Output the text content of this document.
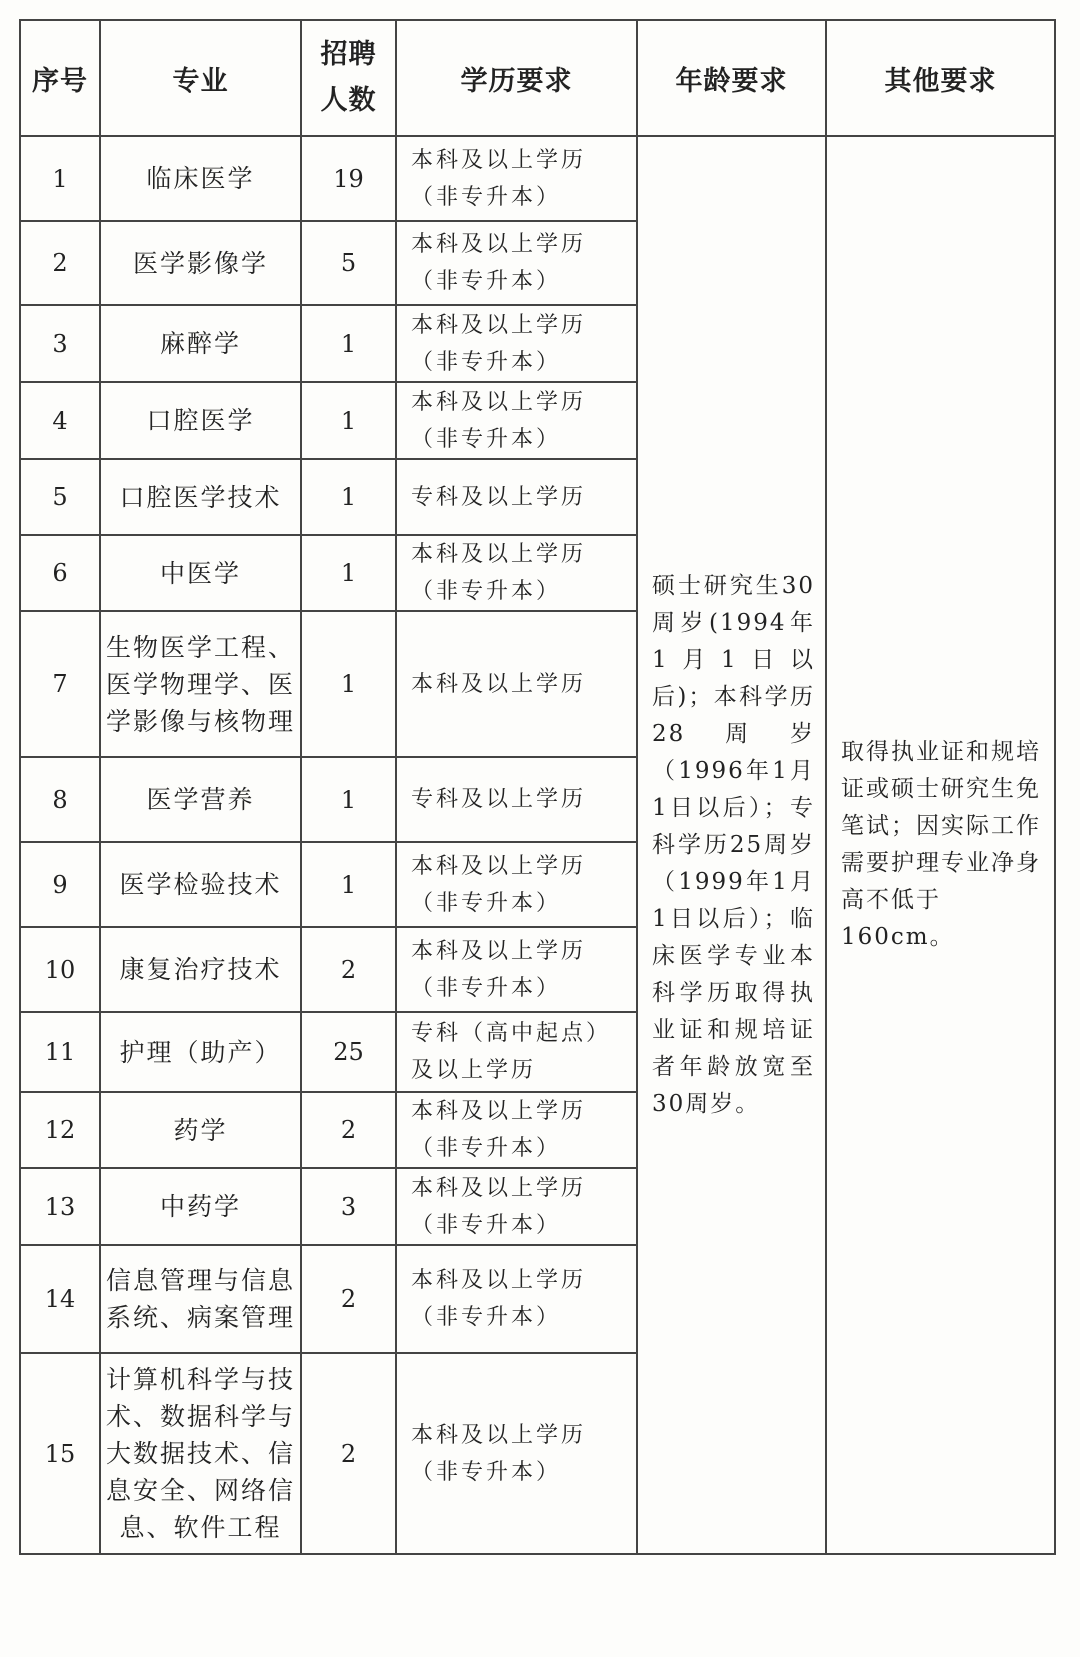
序号	专业	招聘人数	学历要求	年龄要求	其他要求
1	临床医学	19	本科及以上学历（非专升本）	硕士研究生30周岁(1994年1月1日以后)；本科学历28周岁（1996年1月1日以后）；专科学历25周岁（1999年1月1日以后）；临床医学专业本科学历取得执业证和规培证者年龄放宽至30周岁。	取得执业证和规培证或硕士研究生免笔试；因实际工作需要护理专业净身高不低于160cm。
2	医学影像学	5	本科及以上学历（非专升本）		
3	麻醉学	1	本科及以上学历（非专升本）		
4	口腔医学	1	本科及以上学历（非专升本）		
5	口腔医学技术	1	专科及以上学历		
6	中医学	1	本科及以上学历（非专升本）		
7	生物医学工程、医学物理学、医学影像与核物理	1	本科及以上学历		
8	医学营养	1	专科及以上学历		
9	医学检验技术	1	本科及以上学历（非专升本）		
10	康复治疗技术	2	本科及以上学历（非专升本）		
11	护理（助产）	25	专科（高中起点）及以上学历		
12	药学	2	本科及以上学历（非专升本）		
13	中药学	3	本科及以上学历（非专升本）		
14	信息管理与信息系统、病案管理	2	本科及以上学历（非专升本）		
15	计算机科学与技术、数据科学与大数据技术、信息安全、网络信息、软件工程	2	本科及以上学历（非专升本）		
